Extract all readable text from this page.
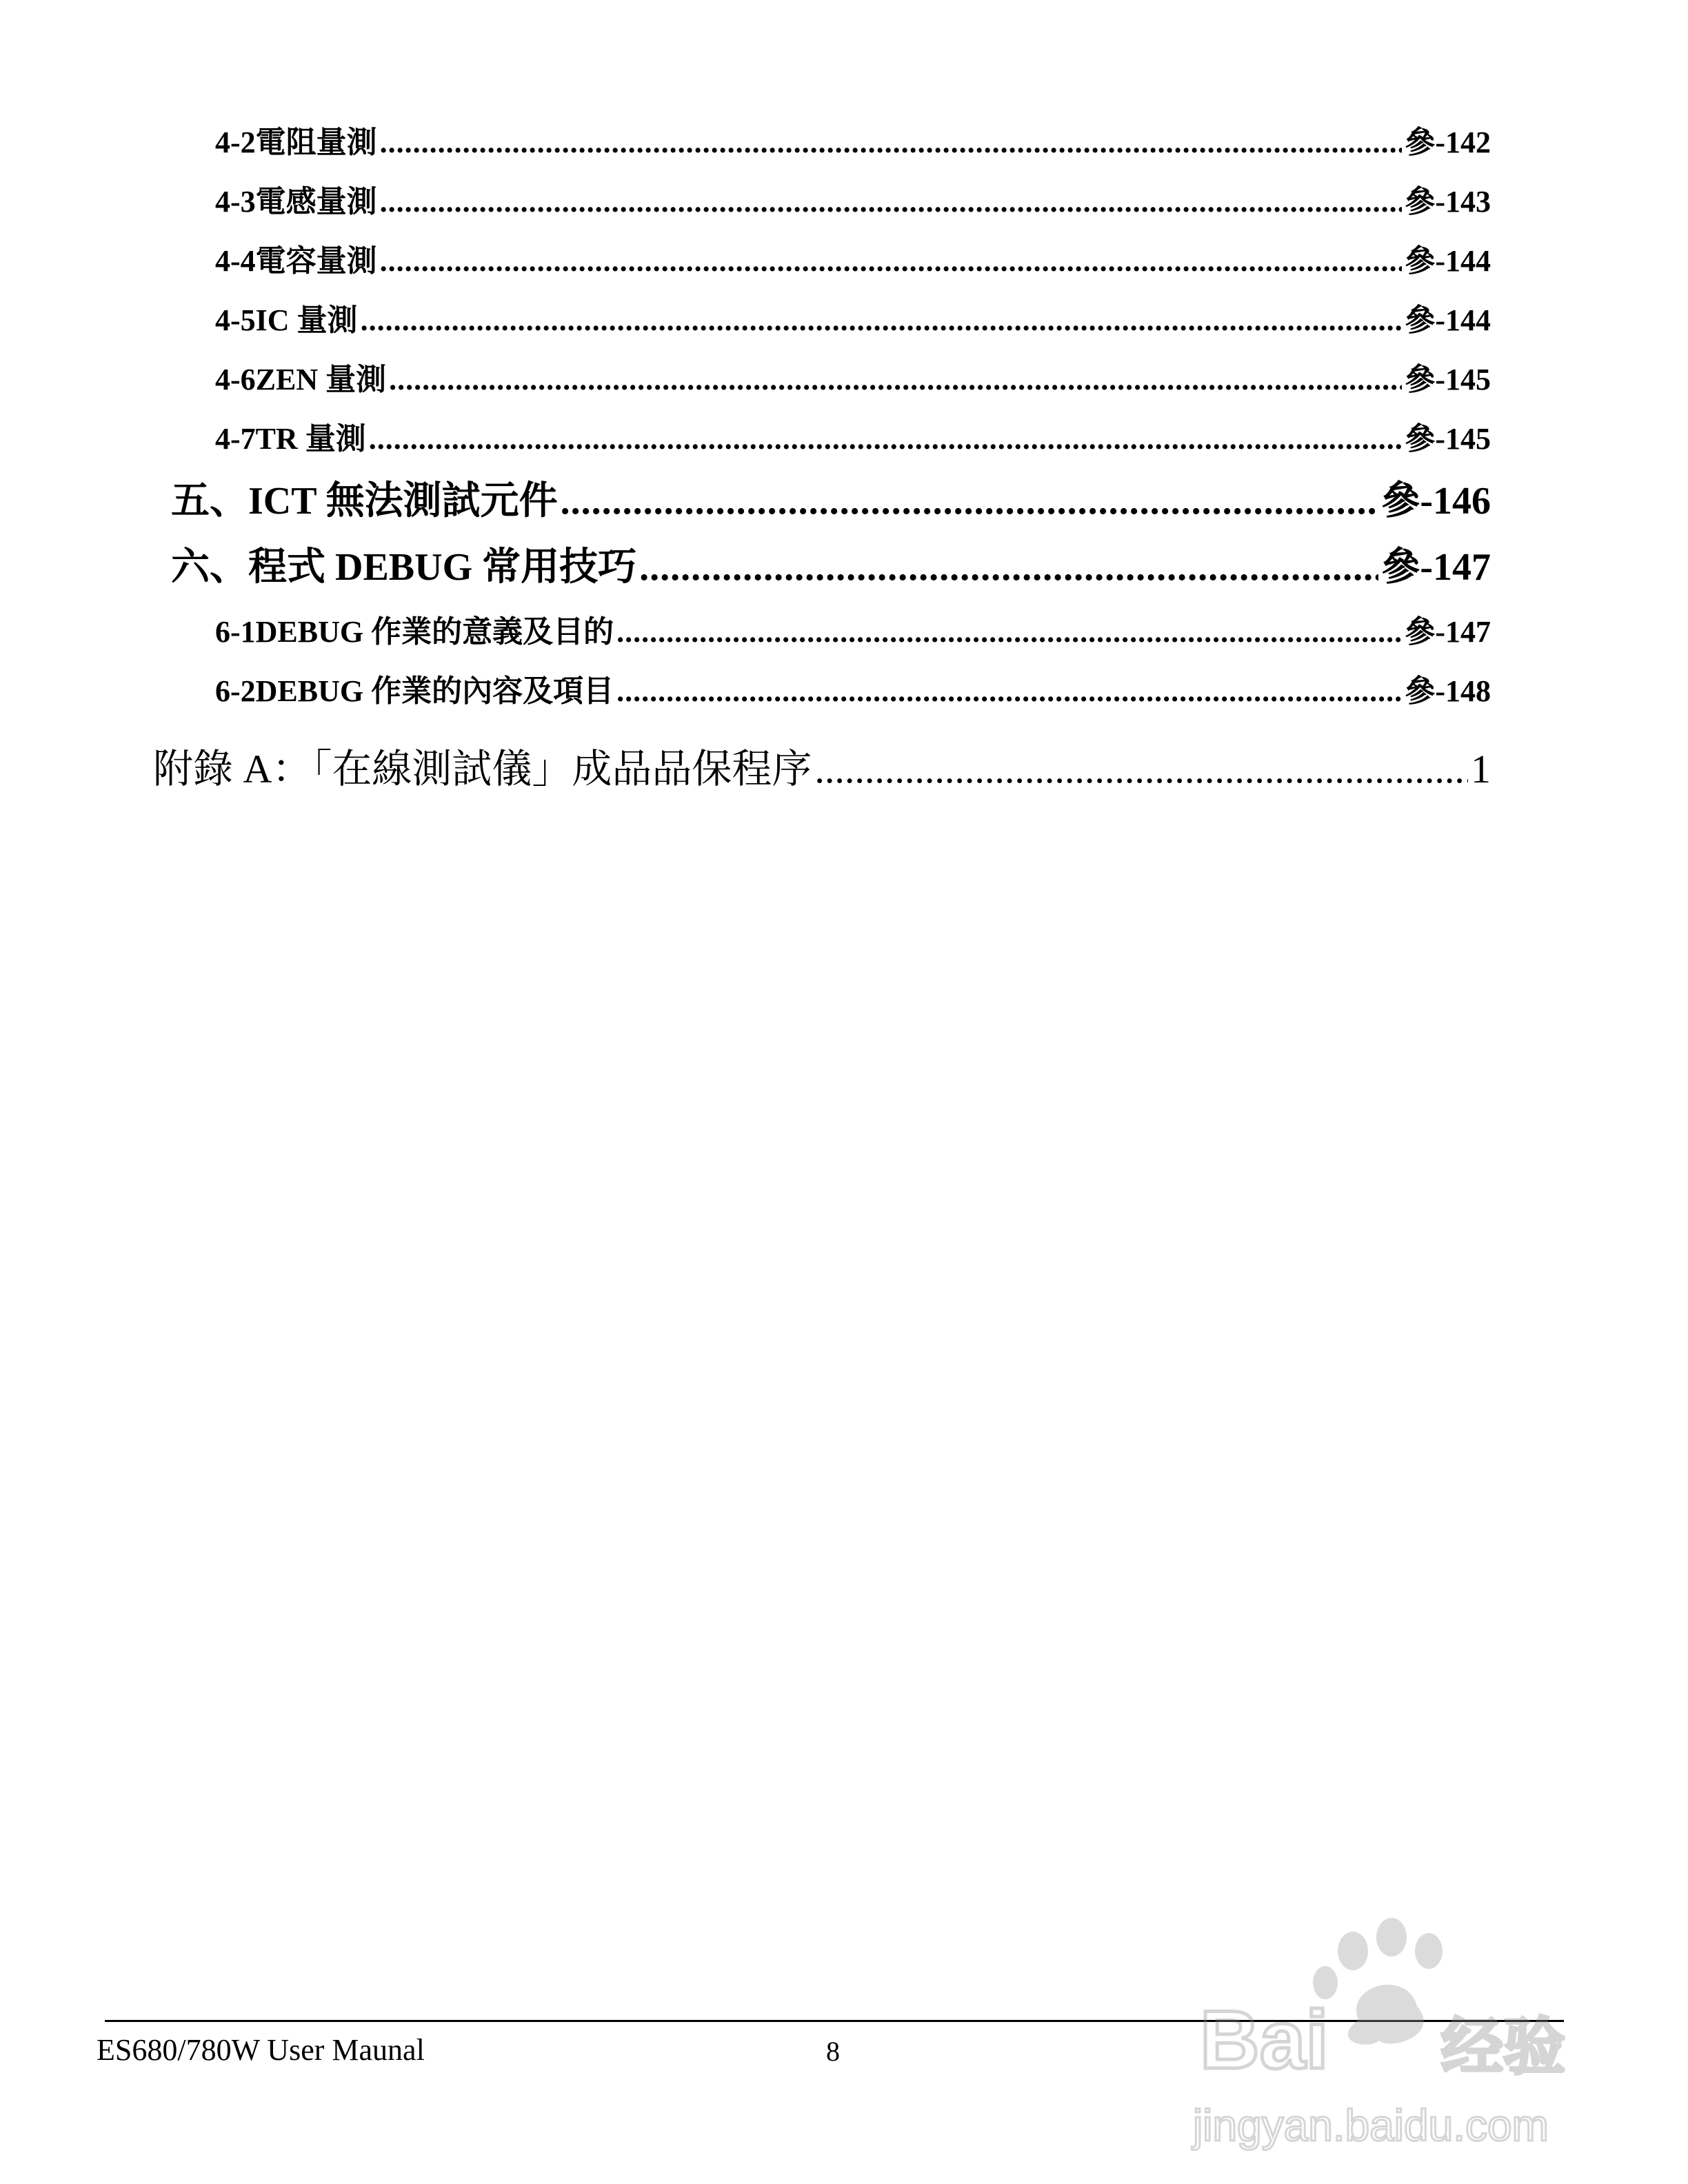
4-2 電阻量測 .....	參-142
4-3 電感量測 .....	參-143
4-4 電容量測 .....	參-144
4-5 IC 量測 .....	參-144
4-6 ZEN 量測 .....	參-145
4-7 TR 量測 .....	參-145
五、ICT 無法測試元件 .....	參-146
六、程式 DEBUG 常用技巧 .....	參-147
6-1 DEBUG 作業的意義及目的 .....	參-147
6-2 DEBUG 作業的內容及項目 .....	參-148
附錄 A：「在線測試儀」成品品保程序 .....	1
ES680/780W User Maunal	8	Bai 经验
jingyan.baidu.com
